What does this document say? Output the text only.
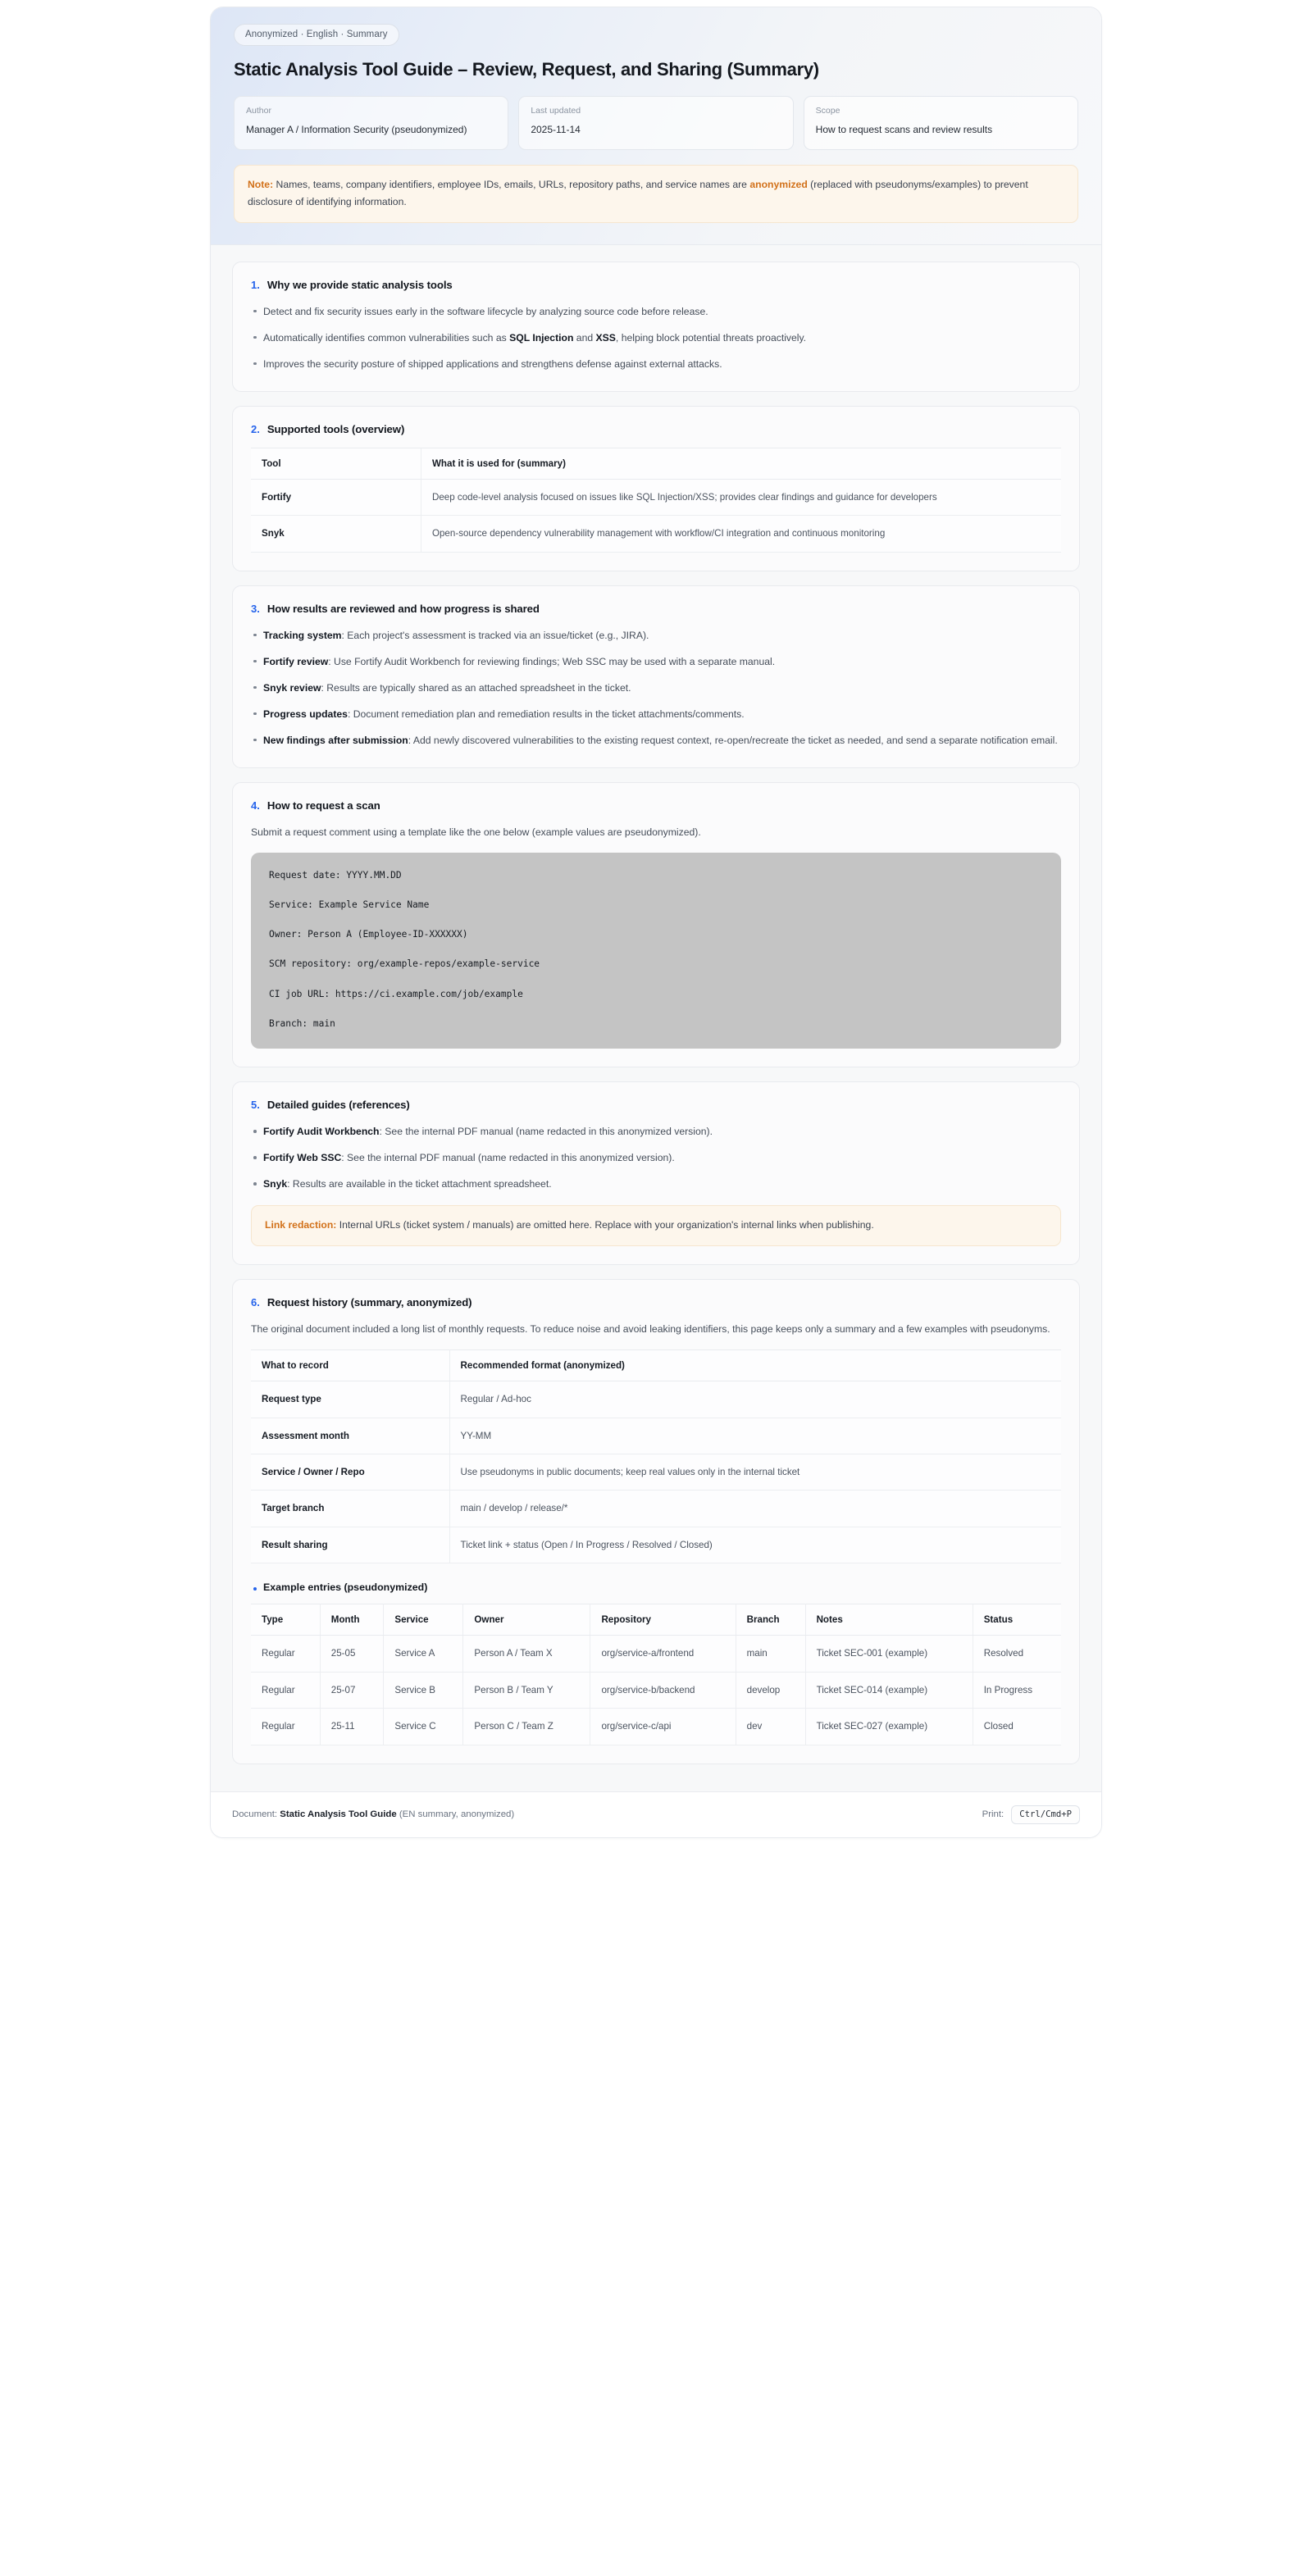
Anonymized · English · Summary
Static Analysis Tool Guide – Review, Request, and Sharing (Summary)
Author
Manager A / Information Security (pseudonymized)
Last updated
2025-11-14
Scope
How to request scans and review results
Note: Names, teams, company identifiers, employee IDs, emails, URLs, repository paths, and service names are anonymized (replaced with pseudonyms/examples) to prevent disclosure of identifying information.
1. Why we provide static analysis tools
Detect and fix security issues early in the software lifecycle by analyzing source code before release.
Automatically identifies common vulnerabilities such as SQL Injection and XSS, helping block potential threats proactively.
Improves the security posture of shipped applications and strengthens defense against external attacks.
2. Supported tools (overview)
Tool	What it is used for (summary)
Fortify	Deep code-level analysis focused on issues like SQL Injection/XSS; provides clear findings and guidance for developers
Snyk	Open-source dependency vulnerability management with workflow/CI integration and continuous monitoring
3. How results are reviewed and how progress is shared
Tracking system: Each project's assessment is tracked via an issue/ticket (e.g., JIRA).
Fortify review: Use Fortify Audit Workbench for reviewing findings; Web SSC may be used with a separate manual.
Snyk review: Results are typically shared as an attached spreadsheet in the ticket.
Progress updates: Document remediation plan and remediation results in the ticket attachments/comments.
New findings after submission: Add newly discovered vulnerabilities to the existing request context, re-open/recreate the ticket as needed, and send a separate notification email.
4. How to request a scan
Submit a request comment using a template like the one below (example values are pseudonymized).
Request date: YYYY.MM.DD
Service: Example Service Name
Owner: Person A (Employee-ID-XXXXXX)
SCM repository: org/example-repos/example-service
CI job URL: https://ci.example.com/job/example
Branch: main
5. Detailed guides (references)
Fortify Audit Workbench: See the internal PDF manual (name redacted in this anonymized version).
Fortify Web SSC: See the internal PDF manual (name redacted in this anonymized version).
Snyk: Results are available in the ticket attachment spreadsheet.
Link redaction: Internal URLs (ticket system / manuals) are omitted here. Replace with your organization's internal links when publishing.
6. Request history (summary, anonymized)
The original document included a long list of monthly requests. To reduce noise and avoid leaking identifiers, this page keeps only a summary and a few examples with pseudonyms.
What to record	Recommended format (anonymized)
Request type	Regular / Ad-hoc
Assessment month	YY-MM
Service / Owner / Repo	Use pseudonyms in public documents; keep real values only in the internal ticket
Target branch	main / develop / release/*
Result sharing	Ticket link + status (Open / In Progress / Resolved / Closed)
Example entries (pseudonymized)
Type	Month	Service	Owner	Repository	Branch	Notes	Status
Regular	25-05	Service A	Person A / Team X	org/service-a/frontend	main	Ticket SEC-001 (example)	Resolved
Regular	25-07	Service B	Person B / Team Y	org/service-b/backend	develop	Ticket SEC-014 (example)	In Progress
Regular	25-11	Service C	Person C / Team Z	org/service-c/api	dev	Ticket SEC-027 (example)	Closed
Document: Static Analysis Tool Guide (EN summary, anonymized)	Print:	Ctrl/Cmd+P
